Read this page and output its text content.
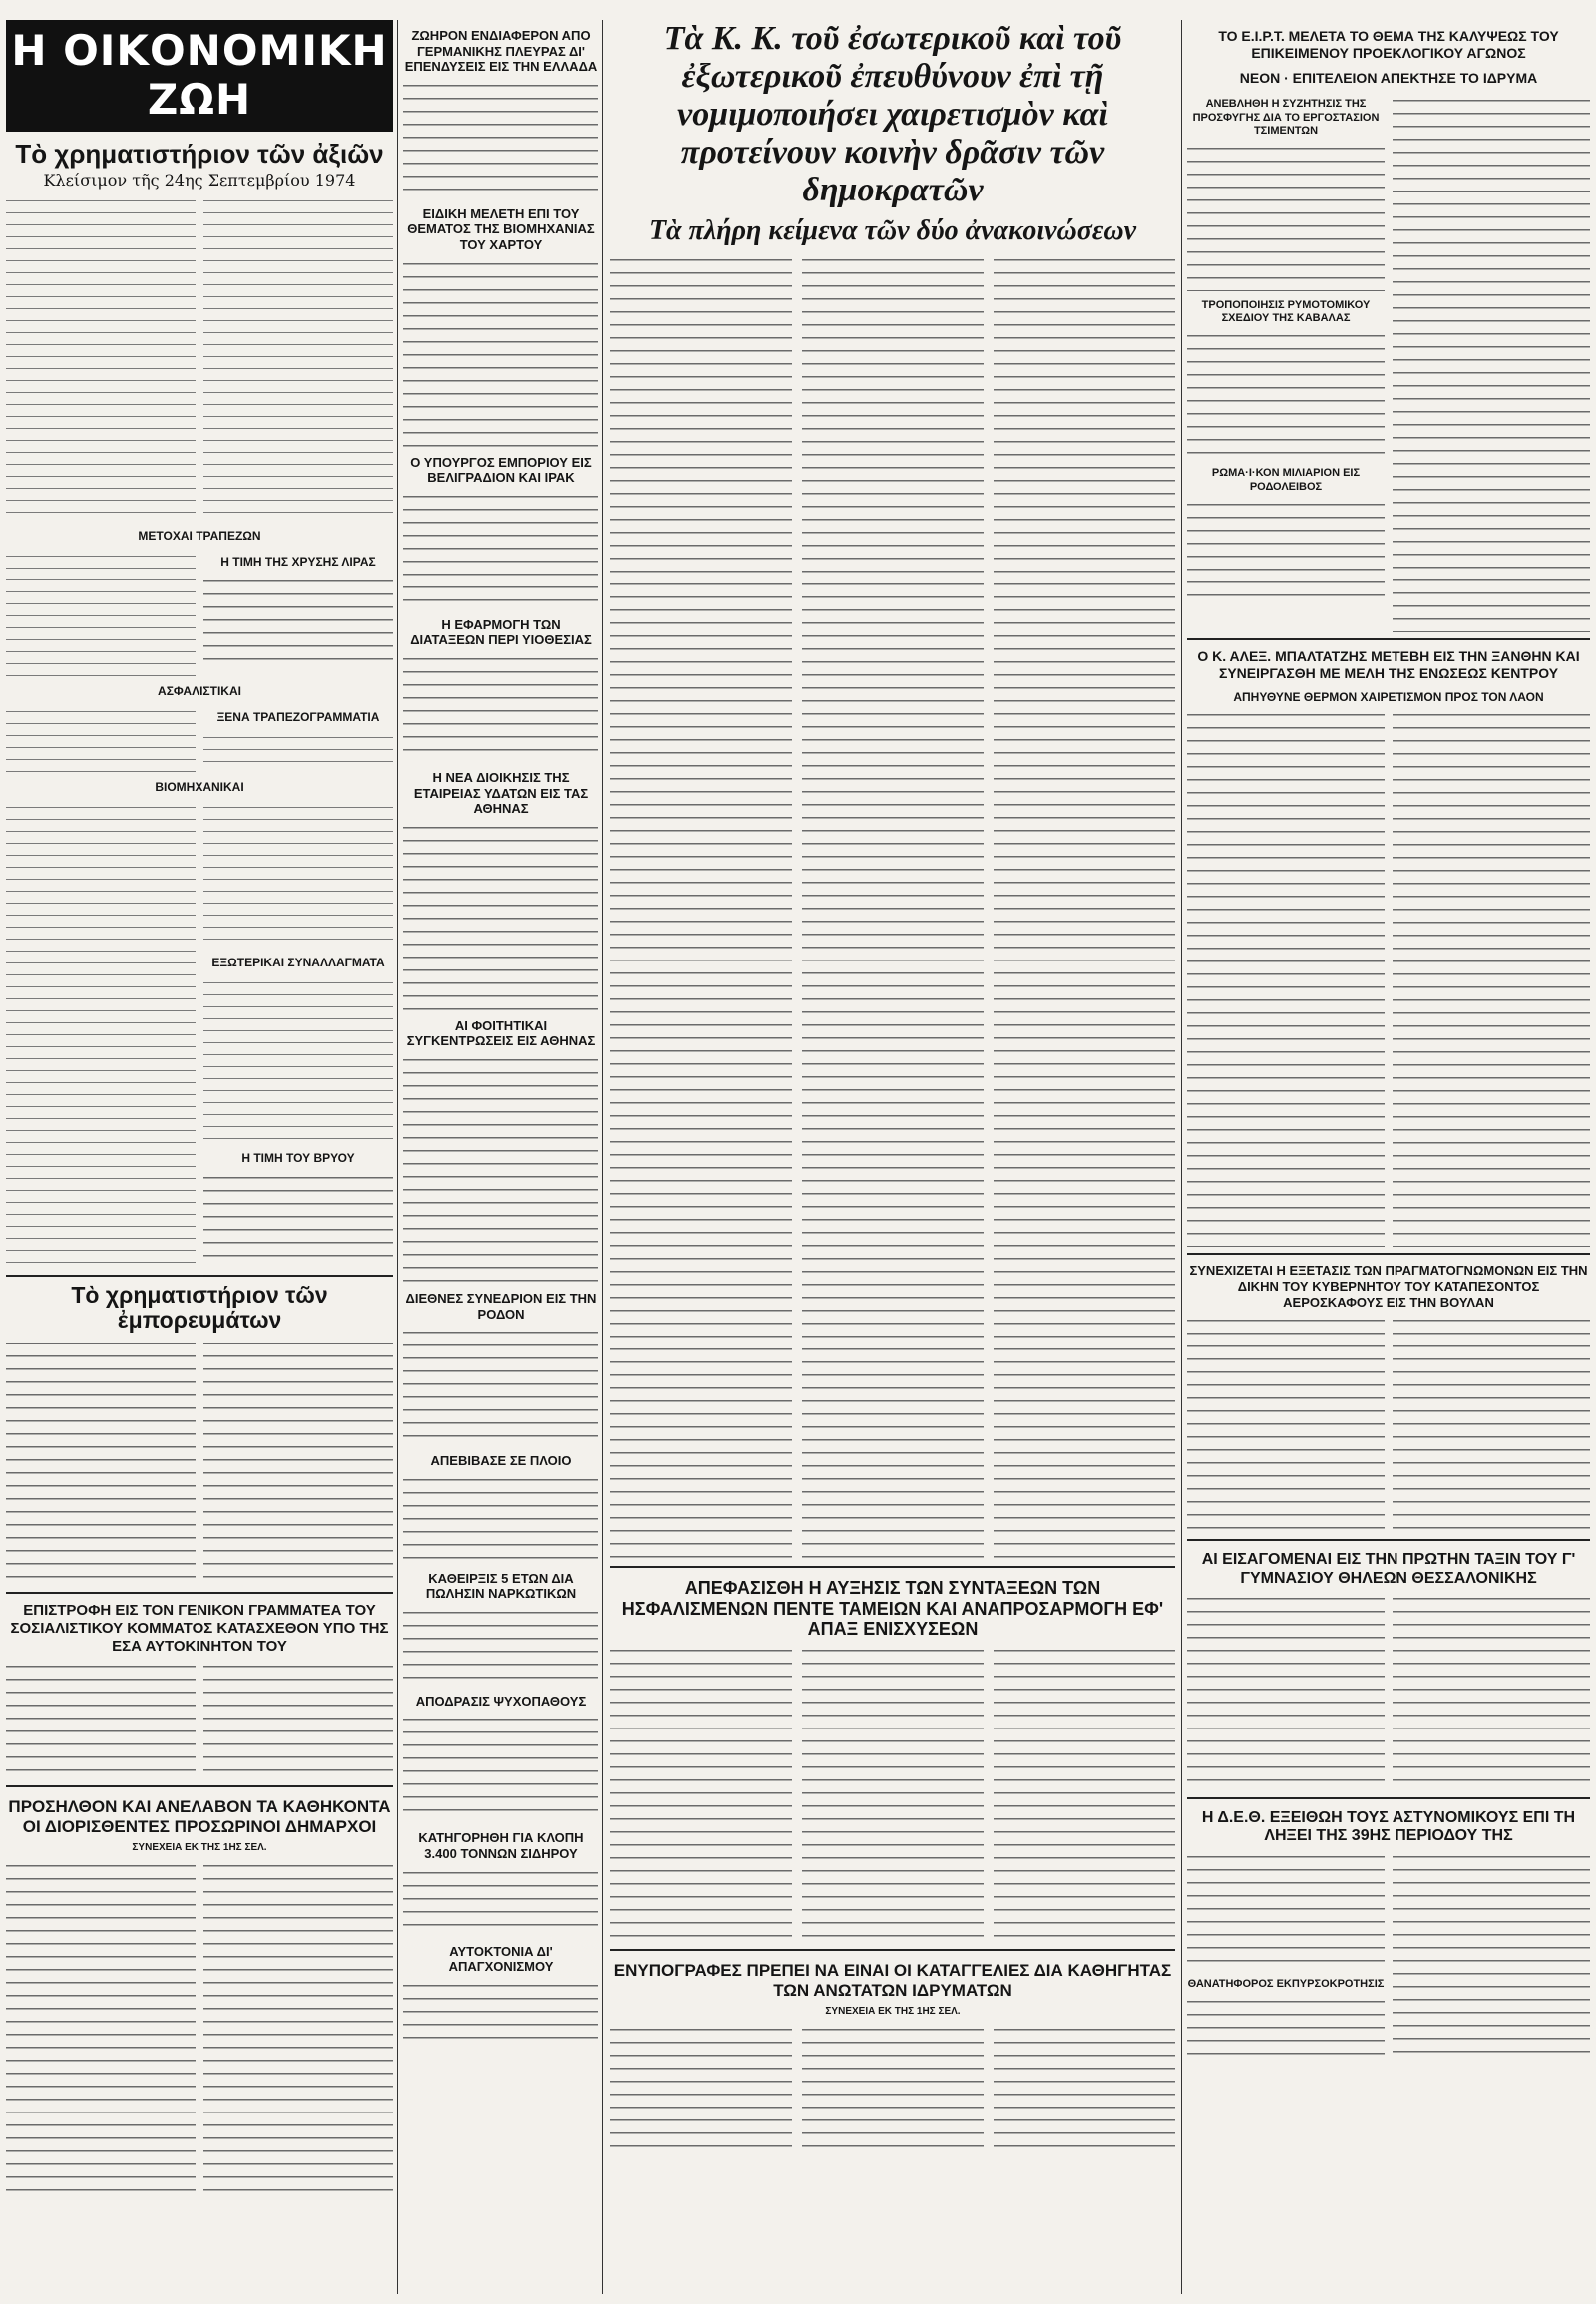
Η ΟΙΚΟΝΟΜΙΚΗ ΖΩΗ
Τὸ χρηματιστήριον τῶν ἀξιῶν
Κλείσιμον τῆς 24ης Σεπτεμβρίου 1974
ΜΕΤΟΧΑΙ ΤΡΑΠΕΖΩΝ
Η ΤΙΜΗ ΤΗΣ ΧΡΥΣΗΣ ΛΙΡΑΣ
ΑΣΦΑΛΙΣΤΙΚΑΙ
ΞΕΝΑ ΤΡΑΠΕΖΟΓΡΑΜΜΑΤΙΑ
ΒΙΟΜΗΧΑΝΙΚΑΙ
ΕΞΩΤΕΡΙΚΑΙ ΣΥΝΑΛΛΑΓΜΑΤΑ
Η ΤΙΜΗ ΤΟΥ ΒΡΥΟΥ
Τὸ χρηματιστήριον τῶν ἐμπορευμάτων
ΕΠΙΣΤΡΟΦΗ ΕΙΣ ΤΟΝ ΓΕΝΙΚΟΝ ΓΡΑΜΜΑΤΕΑ ΤΟΥ ΣΟΣΙΑΛΙΣΤΙΚΟΥ ΚΟΜΜΑΤΟΣ ΚΑΤΑΣΧΕΘΟΝ ΥΠΟ ΤΗΣ ΕΣΑ ΑΥΤΟΚΙΝΗΤΟΝ ΤΟΥ
ΠΡΟΣΗΛΘΟΝ ΚΑΙ ΑΝΕΛΑΒΟΝ ΤΑ ΚΑΘΗΚΟΝΤΑ ΟΙ ΔΙΟΡΙΣΘΕΝΤΕΣ ΠΡΟΣΩΡΙΝΟΙ ΔΗΜΑΡΧΟΙ
ΣΥΝΕΧΕΙΑ ΕΚ ΤΗΣ 1ΗΣ ΣΕΛ.
ΖΩΗΡΟΝ ΕΝΔΙΑΦΕΡΟΝ ΑΠΟ ΓΕΡΜΑΝΙΚΗΣ ΠΛΕΥΡΑΣ ΔΙ' ΕΠΕΝΔΥΣΕΙΣ ΕΙΣ ΤΗΝ ΕΛΛΑΔΑ
ΕΙΔΙΚΗ ΜΕΛΕΤΗ ΕΠΙ ΤΟΥ ΘΕΜΑΤΟΣ ΤΗΣ ΒΙΟΜΗΧΑΝΙΑΣ ΤΟΥ ΧΑΡΤΟΥ
Ο ΥΠΟΥΡΓΟΣ ΕΜΠΟΡΙΟΥ ΕΙΣ ΒΕΛΙΓΡΑΔΙΟΝ ΚΑΙ ΙΡΑΚ
Η ΕΦΑΡΜΟΓΗ ΤΩΝ ΔΙΑΤΑΞΕΩΝ ΠΕΡΙ ΥΙΟΘΕΣΙΑΣ
Η ΝΕΑ ΔΙΟΙΚΗΣΙΣ ΤΗΣ ΕΤΑΙΡΕΙΑΣ ΥΔΑΤΩΝ ΕΙΣ ΤΑΣ ΑΘΗΝΑΣ
ΑΙ ΦΟΙΤΗΤΙΚΑΙ ΣΥΓΚΕΝΤΡΩΣΕΙΣ ΕΙΣ ΑΘΗΝΑΣ
ΔΙΕΘΝΕΣ ΣΥΝΕΔΡΙΟΝ ΕΙΣ ΤΗΝ ΡΟΔΟΝ
ΑΠΕΒΙΒΑΣΕ ΣΕ ΠΛΟΙΟ
ΚΑΘΕΙΡΞΙΣ 5 ΕΤΩΝ ΔΙΑ ΠΩΛΗΣΙΝ ΝΑΡΚΩΤΙΚΩΝ
ΑΠΟΔΡΑΣΙΣ ΨΥΧΟΠΑΘΟΥΣ
ΚΑΤΗΓΟΡΗΘΗ ΓΙΑ ΚΛΟΠΗ 3.400 ΤΟΝΝΩΝ ΣΙΔΗΡΟΥ
ΑΥΤΟΚΤΟΝΙΑ ΔΙ' ΑΠΑΓΧΟΝΙΣΜΟΥ
Τὰ Κ. Κ. τοῦ ἐσωτερικοῦ καὶ τοῦ ἐξωτερικοῦ ἐπευθύνουν ἐπὶ τῇ νομιμοποιήσει χαιρετισμὸν καὶ προτείνουν κοινὴν δρᾶσιν τῶν δημοκρατῶν
Τὰ πλήρη κείμενα τῶν δύο ἀνακοινώσεων
ΑΠΕΦΑΣΙΣΘΗ Η ΑΥΞΗΣΙΣ ΤΩΝ ΣΥΝΤΑΞΕΩΝ ΤΩΝ ΗΣΦΑΛΙΣΜΕΝΩΝ ΠΕΝΤΕ ΤΑΜΕΙΩΝ ΚΑΙ ΑΝΑΠΡΟΣΑΡΜΟΓΗ ΕΦ' ΑΠΑΞ ΕΝΙΣΧΥΣΕΩΝ
ΕΝΥΠΟΓΡΑΦΕΣ ΠΡΕΠΕΙ ΝΑ ΕΙΝΑΙ ΟΙ ΚΑΤΑΓΓΕΛΙΕΣ ΔΙΑ ΚΑΘΗΓΗΤΑΣ ΤΩΝ ΑΝΩΤΑΤΩΝ ΙΔΡΥΜΑΤΩΝ
ΣΥΝΕΧΕΙΑ ΕΚ ΤΗΣ 1ΗΣ ΣΕΛ.
ΤΟ Ε.Ι.Ρ.Τ. ΜΕΛΕΤΑ ΤΟ ΘΕΜΑ ΤΗΣ ΚΑΛΥΨΕΩΣ ΤΟΥ ΕΠΙΚΕΙΜΕΝΟΥ ΠΡΟΕΚΛΟΓΙΚΟΥ ΑΓΩΝΟΣ
ΝΕΟΝ · ΕΠΙΤΕΛΕΙΟΝ ΑΠΕΚΤΗΣΕ ΤΟ ΙΔΡΥΜΑ
ΑΝΕΒΛΗΘΗ Η ΣΥΖΗΤΗΣΙΣ ΤΗΣ ΠΡΟΣΦΥΓΗΣ ΔΙΑ ΤΟ ΕΡΓΟΣΤΑΣΙΟΝ ΤΣΙΜΕΝΤΩΝ
ΤΡΟΠΟΠΟΙΗΣΙΣ ΡΥΜΟΤΟΜΙΚΟΥ ΣΧΕΔΙΟΥ ΤΗΣ ΚΑΒΑΛΑΣ
ΡΩΜΑ·Ι·ΚΟΝ ΜΙΛΙΑΡΙΟΝ ΕΙΣ ΡΟΔΟΛΕΙΒΟΣ
Ο Κ. ΑΛΕΞ. ΜΠΑΛΤΑΤΖΗΣ ΜΕΤΕΒΗ ΕΙΣ ΤΗΝ ΞΑΝΘΗΝ ΚΑΙ ΣΥΝΕΙΡΓΑΣΘΗ ΜΕ ΜΕΛΗ ΤΗΣ ΕΝΩΣΕΩΣ ΚΕΝΤΡΟΥ
ΑΠΗΥΘΥΝΕ ΘΕΡΜΟΝ ΧΑΙΡΕΤΙΣΜΟΝ ΠΡΟΣ ΤΟΝ ΛΑΟΝ
ΣΥΝΕΧΙΖΕΤΑΙ Η ΕΞΕΤΑΣΙΣ ΤΩΝ ΠΡΑΓΜΑΤΟΓΝΩΜΟΝΩΝ ΕΙΣ ΤΗΝ ΔΙΚΗΝ ΤΟΥ ΚΥΒΕΡΝΗΤΟΥ ΤΟΥ ΚΑΤΑΠΕΣΟΝΤΟΣ ΑΕΡΟΣΚΑΦΟΥΣ ΕΙΣ ΤΗΝ ΒΟΥΛΑΝ
ΑΙ ΕΙΣΑΓΟΜΕΝΑΙ ΕΙΣ ΤΗΝ ΠΡΩΤΗΝ ΤΑΞΙΝ ΤΟΥ Γ' ΓΥΜΝΑΣΙΟΥ ΘΗΛΕΩΝ ΘΕΣΣΑΛΟΝΙΚΗΣ
Η Δ.Ε.Θ. ΕΞΕΙΘΩΗ ΤΟΥΣ ΑΣΤΥΝΟΜΙΚΟΥΣ ΕΠΙ ΤΗ ΛΗΞΕΙ ΤΗΣ 39ΗΣ ΠΕΡΙΟΔΟΥ ΤΗΣ
ΘΑΝΑΤΗΦΟΡΟΣ ΕΚΠΥΡΣΟΚΡΟΤΗΣΙΣ
